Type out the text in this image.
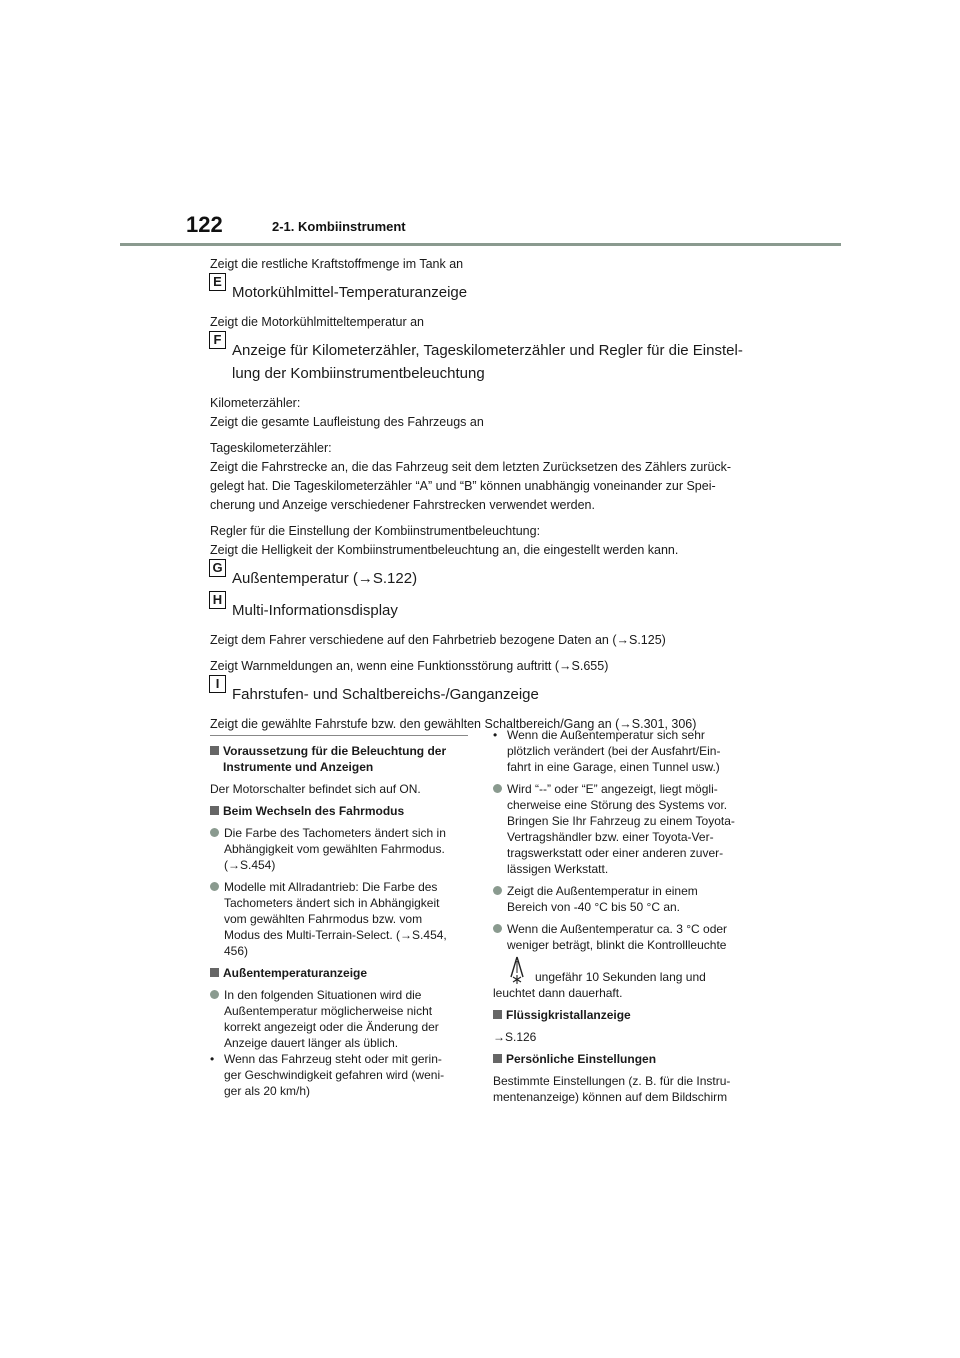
122	2-1. Kombiinstrument

Zeigt die restliche Kraftstoffmenge im Tank an

E
Motorkühlmittel-Temperaturanzeige

Zeigt die Motorkühlmitteltemperatur an

F
Anzeige für Kilometerzähler, Tageskilometerzähler und Regler für die Einstel-
lung der Kombiinstrumentbeleuchtung

Kilometerzähler:

Zeigt die gesamte Laufleistung des Fahrzeugs an

Tageskilometerzähler:

Zeigt die Fahrstrecke an, die das Fahrzeug seit dem letzten Zurücksetzen des Zählers zurück-

gelegt hat. Die Tageskilometerzähler “A” und “B” können unabhängig voneinander zur Spei-

cherung und Anzeige verschiedener Fahrstrecken verwendet werden.

Regler für die Einstellung der Kombiinstrumentbeleuchtung:

Zeigt die Helligkeit der Kombiinstrumentbeleuchtung an, die eingestellt werden kann.

G
Außentemperatur (→S.122)
H
Multi-Informationsdisplay

Zeigt dem Fahrer verschiedene auf den Fahrbetrieb bezogene Daten an (→S.125)

Zeigt Warnmeldungen an, wenn eine Funktionsstörung auftritt (→S.655)

I
Fahrstufen- und Schaltbereichs-/Ganganzeige

Zeigt die gewählte Fahrstufe bzw. den gewählten Schaltbereich/Gang an (→S.301, 306)

Voraussetzung für die Beleuchtung der
Instrumente und Anzeigen

Der Motorschalter befindet sich auf ON.

Beim Wechseln des Fahrmodus
Die Farbe des Tachometers ändert sich in
Abhängigkeit vom gewählten Fahrmodus.
(→S.454)
Modelle mit Allradantrieb: Die Farbe des
Tachometers ändert sich in Abhängigkeit
vom gewählten Fahrmodus bzw. vom
Modus des Multi-Terrain-Select. (→S.454,
456)
Außentemperaturanzeige
In den folgenden Situationen wird die
Außentemperatur möglicherweise nicht
korrekt angezeigt oder die Änderung der
Anzeige dauert länger als üblich.
• Wenn das Fahrzeug steht oder mit gerin-
ger Geschwindigkeit gefahren wird (weni-
ger als 20 km/h)
• Wenn die Außentemperatur sich sehr
plötzlich verändert (bei der Ausfahrt/Ein-
fahrt in eine Garage, einen Tunnel usw.)
Wird “--” oder “E” angezeigt, liegt mögli-
cherweise eine Störung des Systems vor.
Bringen Sie Ihr Fahrzeug zu einem Toyota-
Vertragshändler bzw. einer Toyota-Ver-
tragswerkstatt oder einer anderen zuver-
lässigen Werkstatt.
Zeigt die Außentemperatur in einem
Bereich von -40 °C bis 50 °C an.
Wenn die Außentemperatur ca. 3 °C oder
weniger beträgt, blinkt die Kontrollleuchte
ungefähr 10 Sekunden lang und

leuchtet dann dauerhaft.

Flüssigkristallanzeige

→S.126

Persönliche Einstellungen

Bestimmte Einstellungen (z. B. für die Instru-

mentenanzeige) können auf dem Bildschirm
